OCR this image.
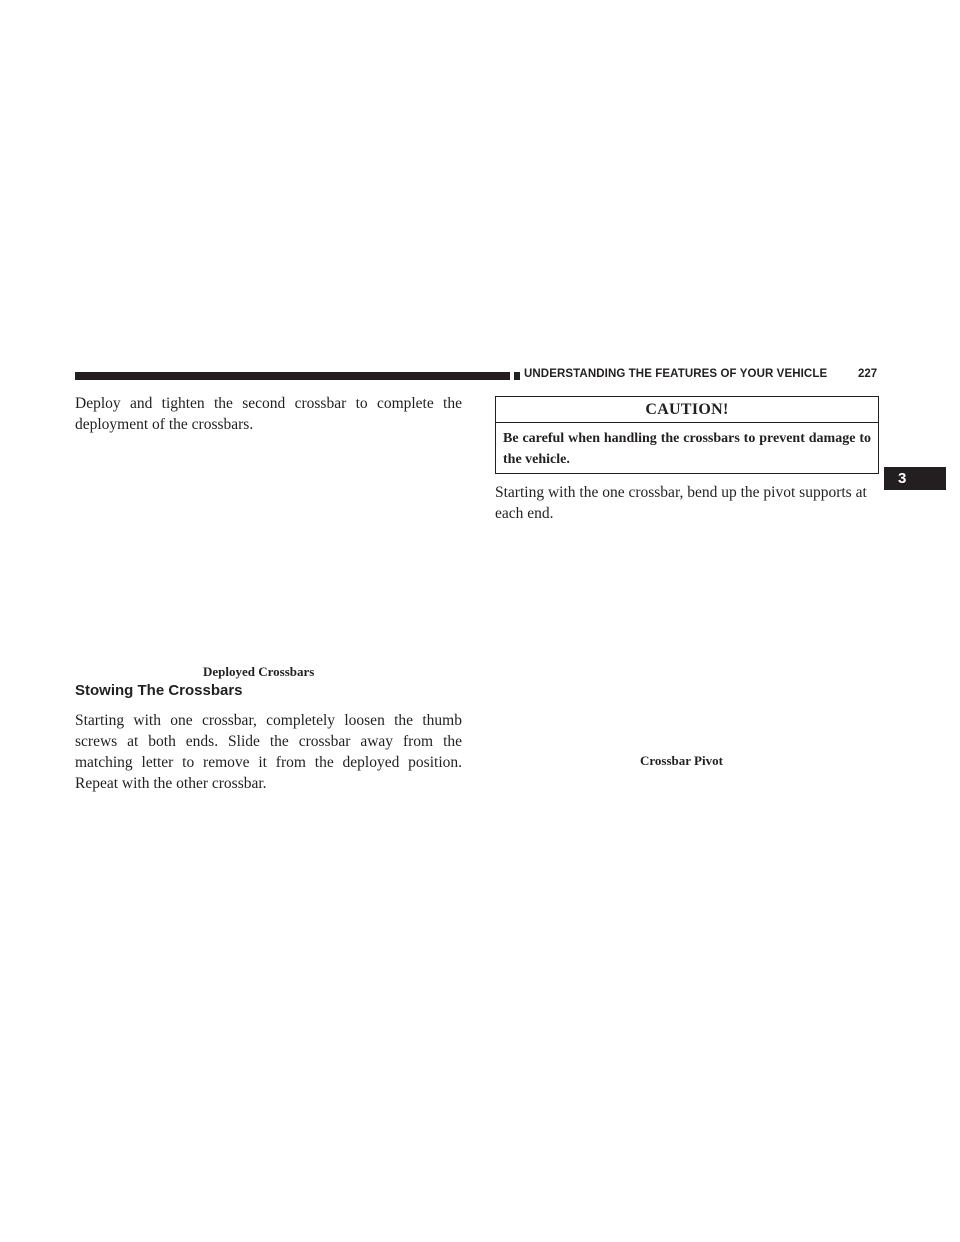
UNDERSTANDING THE FEATURES OF YOUR VEHICLE	227

Deploy and tighten the second crossbar to complete the deployment of the crossbars.

Deployed Crossbars
Stowing The Crossbars

Starting with one crossbar, completely loosen the thumb screws at both ends. Slide the crossbar away from the matching letter to remove it from the deployed position. Repeat with the other crossbar.

CAUTION!

Be careful when handling the crossbars to prevent damage to the vehicle.

Starting with the one crossbar, bend up the pivot supports at each end.

Crossbar Pivot
3
